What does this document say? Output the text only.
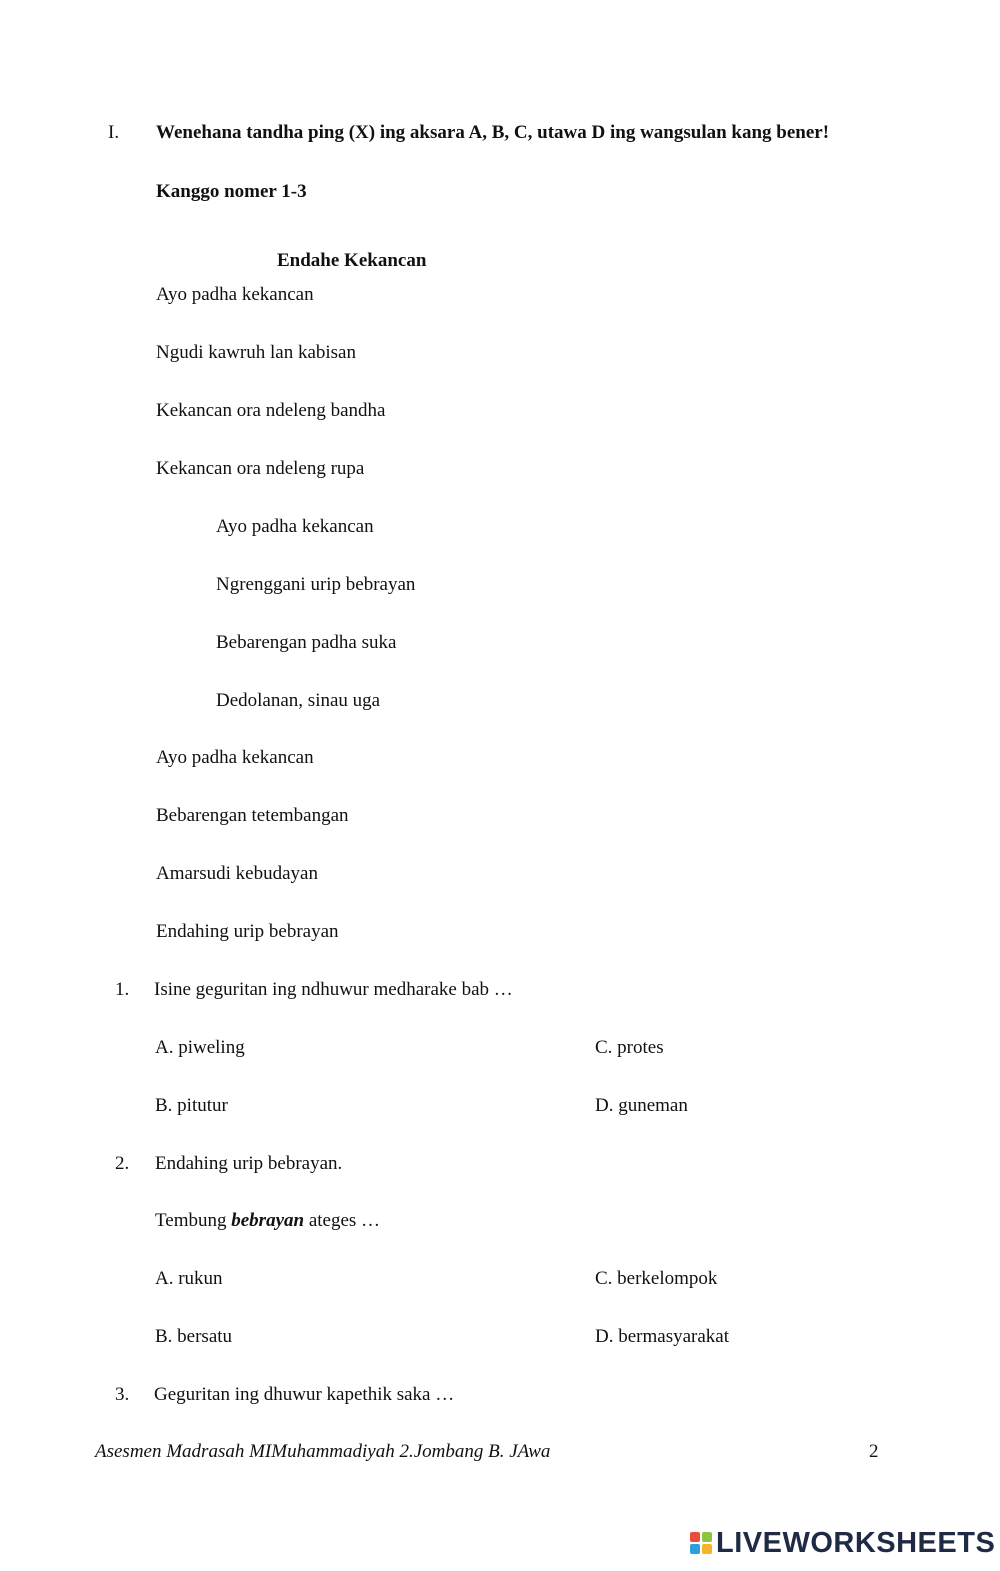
I. Wenehana tandha ping (X) ing aksara A, B, C, utawa D ing wangsulan kang bener!
Kanggo nomer 1-3
Endahe Kekancan
Ayo padha kekancan
Ngudi kawruh lan kabisan
Kekancan ora ndeleng bandha
Kekancan ora ndeleng rupa
Ayo padha kekancan
Ngrenggani urip bebrayan
Bebarengan padha suka
Dedolanan, sinau uga
Ayo padha kekancan
Bebarengan tetembangan
Amarsudi kebudayan
Endahing urip bebrayan
1. Isine geguritan ing ndhuwur medharake bab …
A. piweling	C. protes
B. pitutur	D. guneman
2. Endahing urip bebrayan.
Tembung bebrayan ateges …
A. rukun	C. berkelompok
B. bersatu	D. bermasyarakat
3. Geguritan ing dhuwur kapethik saka …
Asesmen Madrasah MIMuhammadiyah 2.Jombang B. JAwa	2
LIVEWORKSHEETS
